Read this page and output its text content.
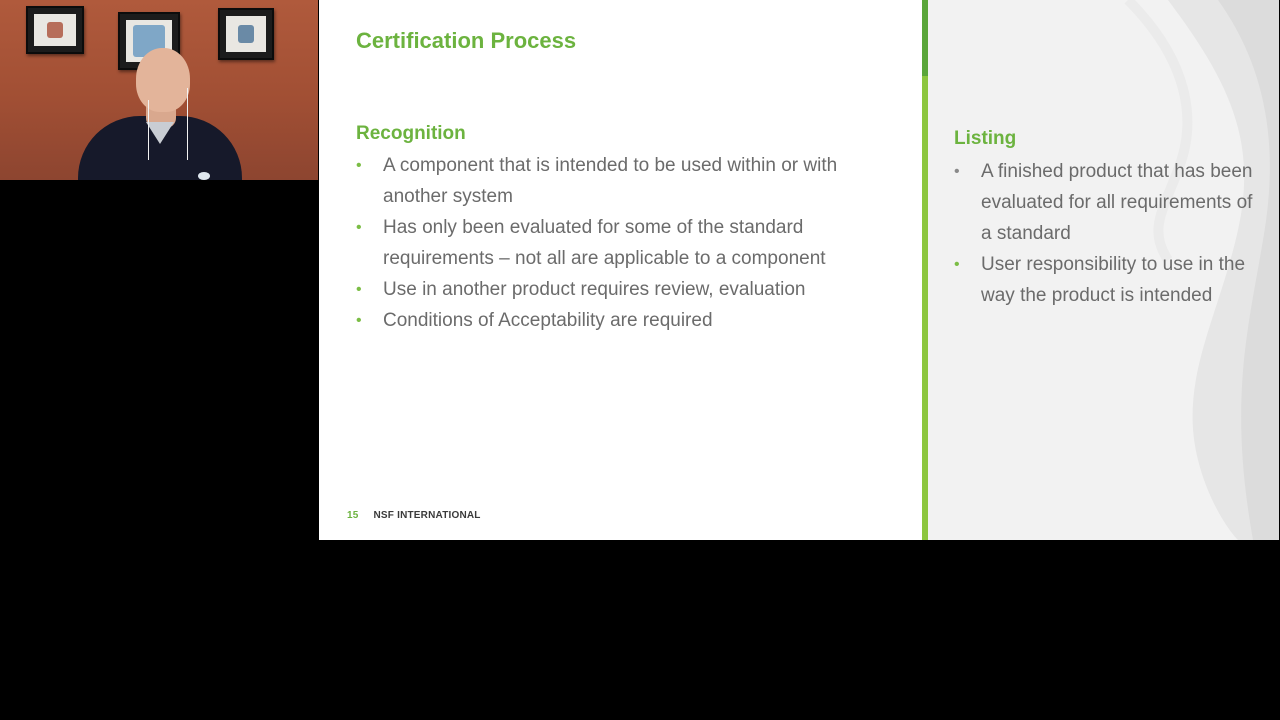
Certification Process
Recognition
• A component that is intended to be used within or with another system
• Has only been evaluated for some of the standard requirements – not all are applicable to a component
• Use in another product requires review, evaluation
• Conditions of Acceptability are required
15 NSF INTERNATIONAL
Listing
• A finished product that has been evaluated for all requirements of a standard
• User responsibility to use in the way the product is intended
